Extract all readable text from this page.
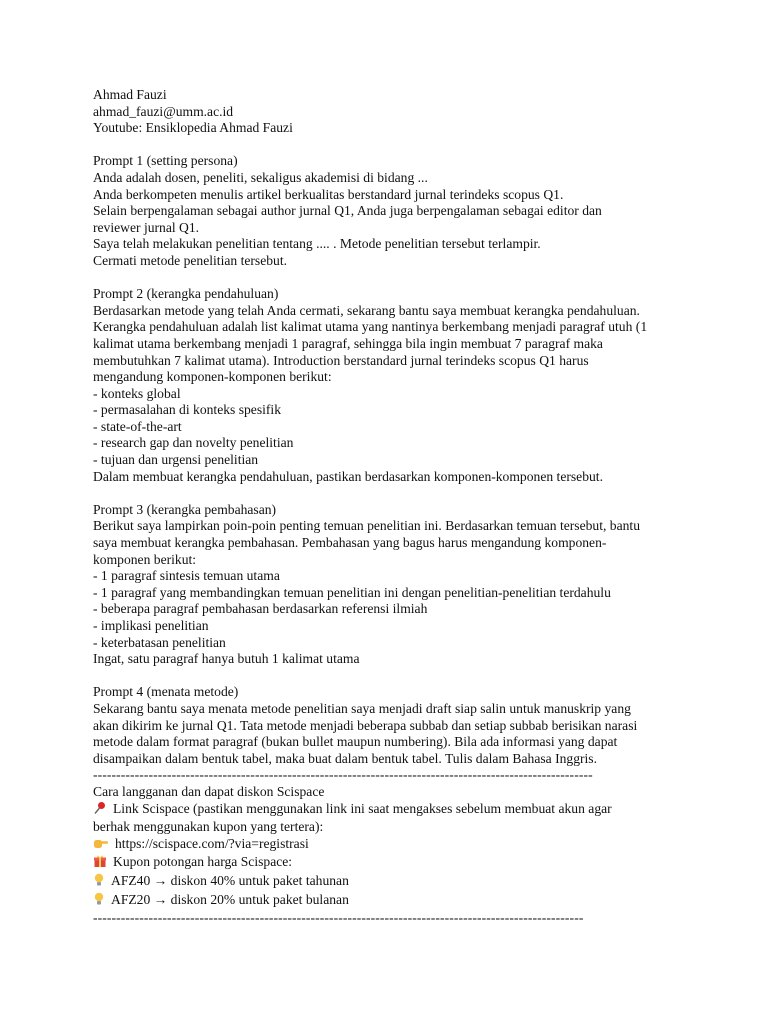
Ahmad Fauzi
ahmad_fauzi@umm.ac.id
Youtube: Ensiklopedia Ahmad Fauzi
Prompt 1 (setting persona)
Anda adalah dosen, peneliti, sekaligus akademisi di bidang ...
Anda berkompeten menulis artikel berkualitas berstandard jurnal terindeks scopus Q1.
Selain berpengalaman sebagai author jurnal Q1, Anda juga berpengalaman sebagai editor dan
reviewer jurnal Q1.
Saya telah melakukan penelitian tentang .... . Metode penelitian tersebut terlampir.
Cermati metode penelitian tersebut.
Prompt 2 (kerangka pendahuluan)
Berdasarkan metode yang telah Anda cermati, sekarang bantu saya membuat kerangka pendahuluan.
Kerangka pendahuluan adalah list kalimat utama yang nantinya berkembang menjadi paragraf utuh (1
kalimat utama berkembang menjadi 1 paragraf, sehingga bila ingin membuat 7 paragraf maka
membutuhkan 7 kalimat utama). Introduction berstandard jurnal terindeks scopus Q1 harus
mengandung komponen-komponen berikut:
- konteks global
- permasalahan di konteks spesifik
- state-of-the-art
- research gap dan novelty penelitian
- tujuan dan urgensi penelitian
Dalam membuat kerangka pendahuluan, pastikan berdasarkan komponen-komponen tersebut.
Prompt 3 (kerangka pembahasan)
Berikut saya lampirkan poin-poin penting temuan penelitian ini. Berdasarkan temuan tersebut, bantu
saya membuat kerangka pembahasan. Pembahasan yang bagus harus mengandung komponen-
komponen berikut:
- 1 paragraf sintesis temuan utama
- 1 paragraf yang membandingkan temuan penelitian ini dengan penelitian-penelitian terdahulu
- beberapa paragraf pembahasan berdasarkan referensi ilmiah
- implikasi penelitian
- keterbatasan penelitian
Ingat, satu paragraf hanya butuh 1 kalimat utama
Prompt 4 (menata metode)
Sekarang bantu saya menata metode penelitian saya menjadi draft siap salin untuk manuskrip yang
akan dikirim ke jurnal Q1. Tata metode menjadi beberapa subbab dan setiap subbab berisikan narasi
metode dalam format paragraf (bukan bullet maupun numbering). Bila ada informasi yang dapat
disampaikan dalam bentuk tabel, maka buat dalam bentuk tabel. Tulis dalam Bahasa Inggris.
------------------------------------------------------------------------------------------------------------
Cara langganan dan dapat diskon Scispace
Link Scispace (pastikan menggunakan link ini saat mengakses sebelum membuat akun agar
berhak menggunakan kupon yang tertera):
https://scispace.com/?via=registrasi
Kupon potongan harga Scispace:
AFZ40 → diskon 40% untuk paket tahunan
AFZ20 → diskon 20% untuk paket bulanan
----------------------------------------------------------------------------------------------------------
